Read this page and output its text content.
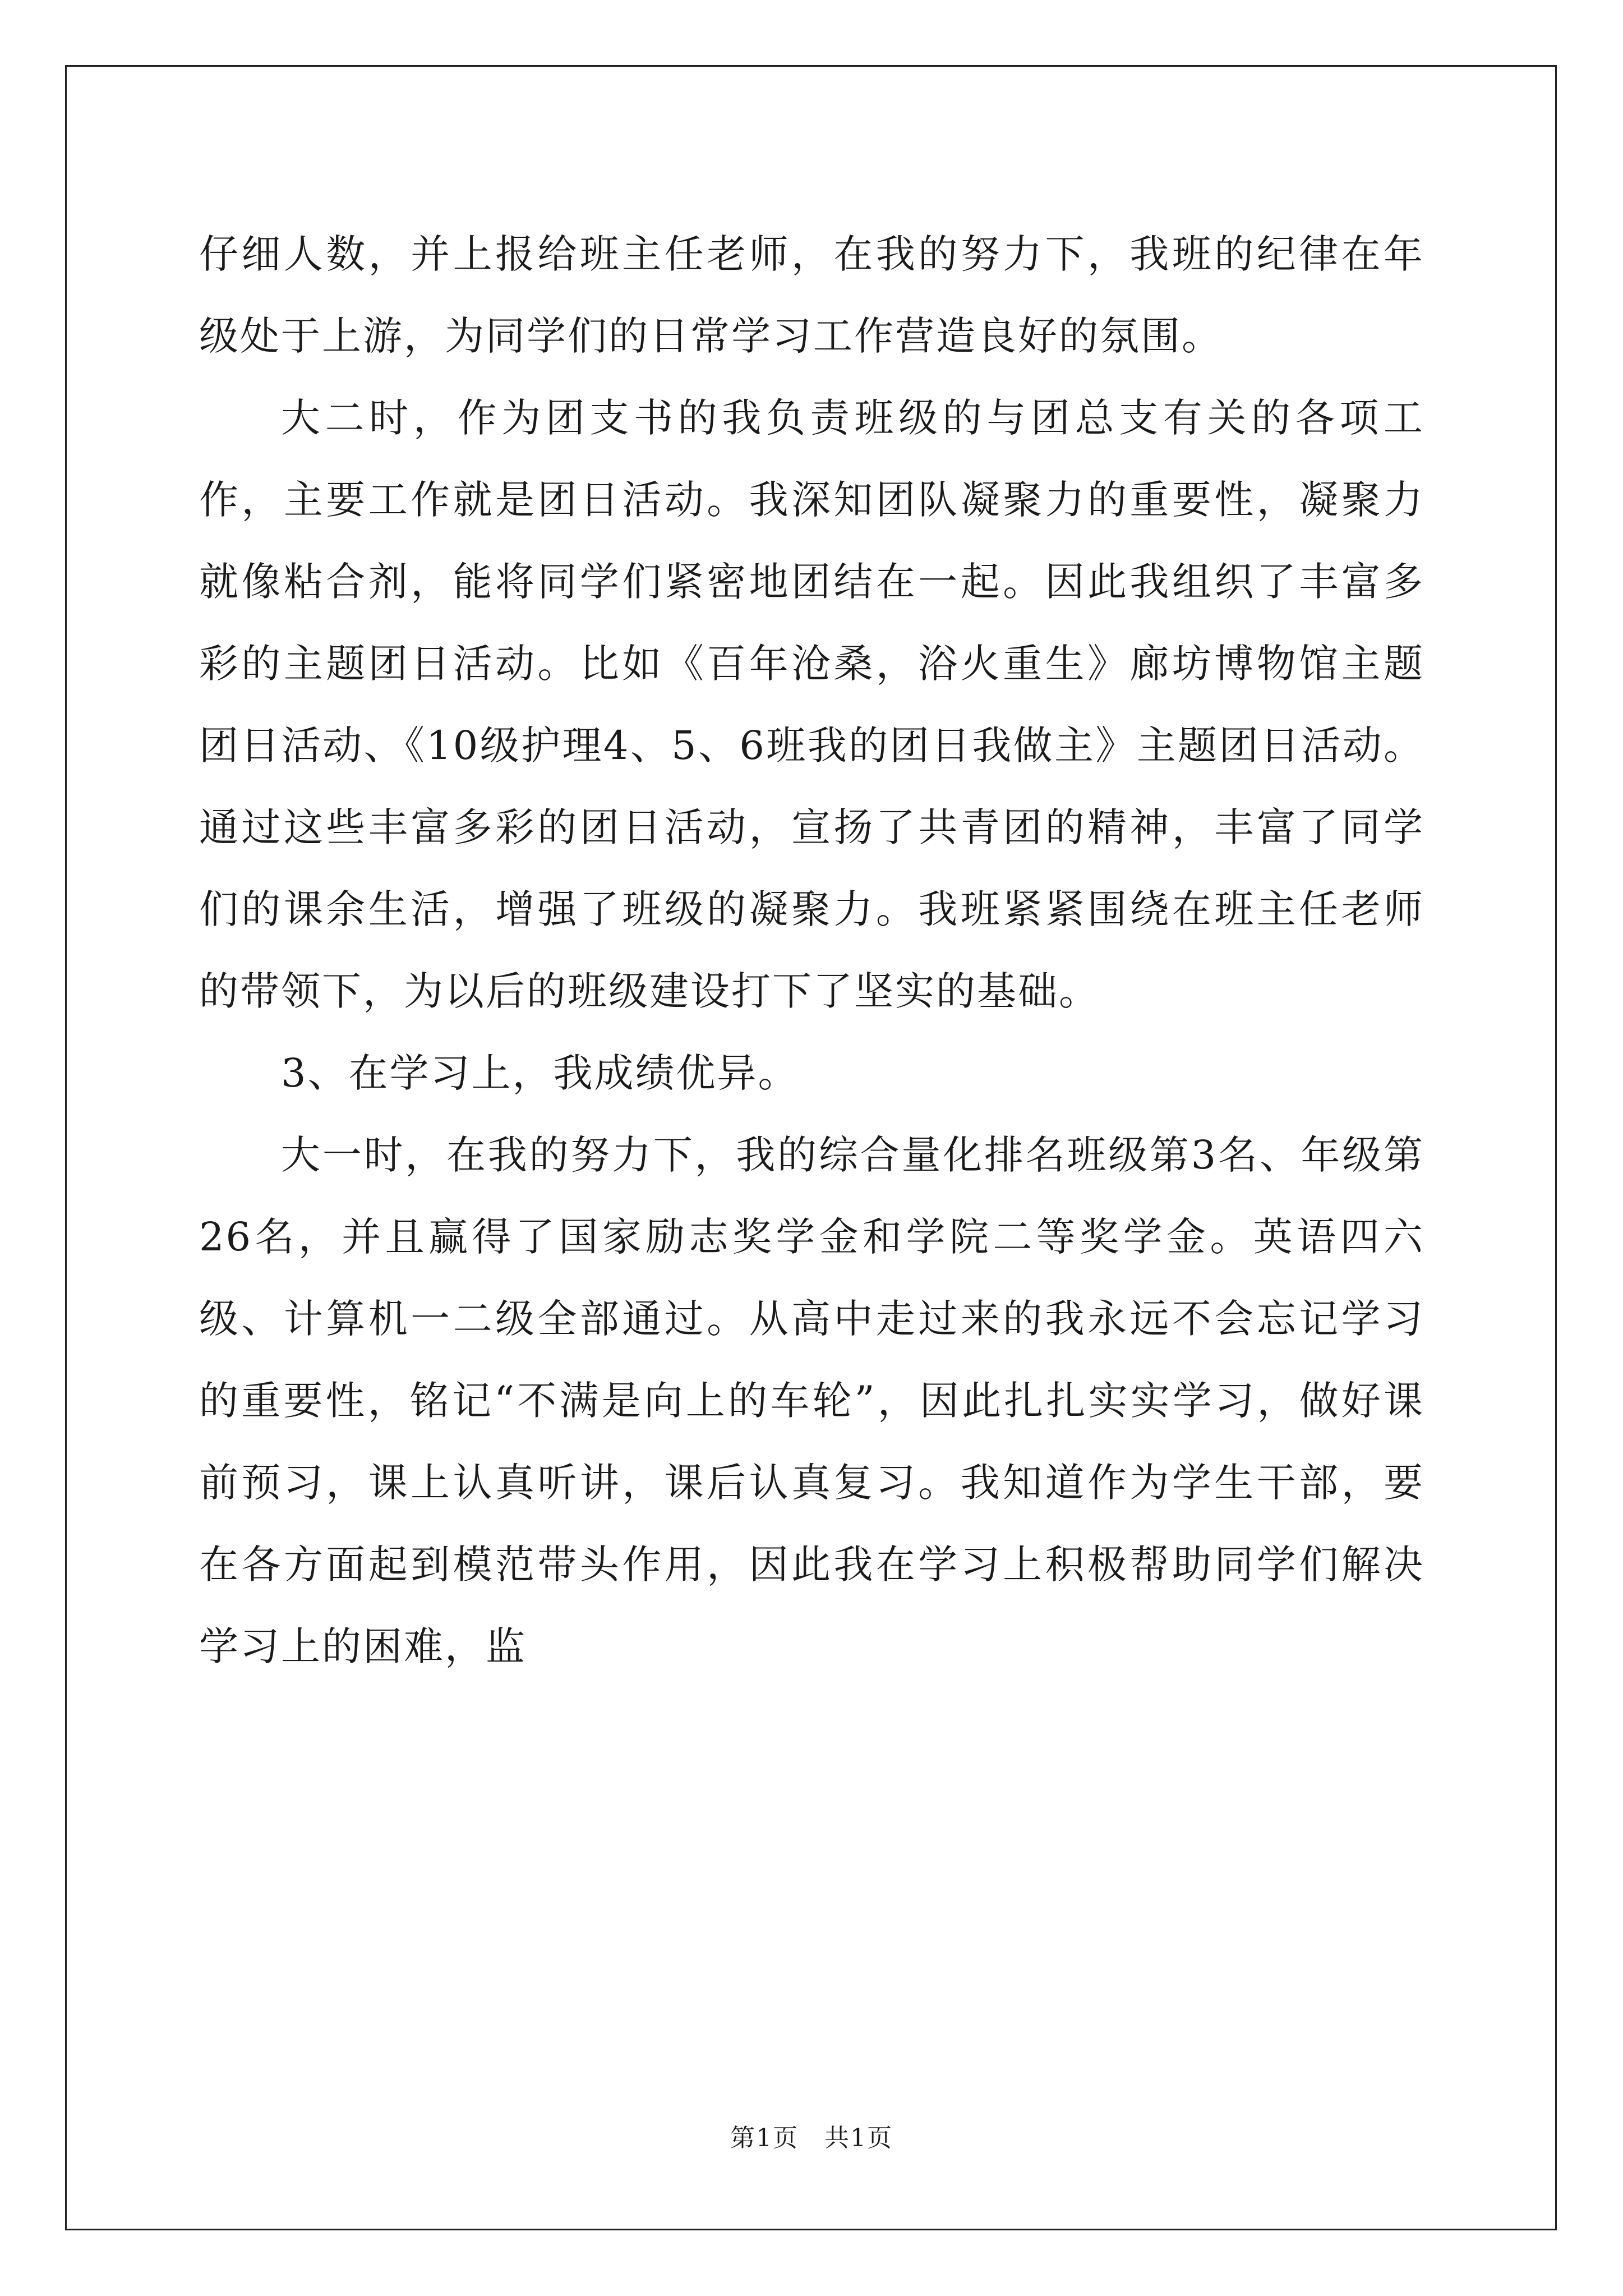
仔细人数，并上报给班主任老师，在我的努力下，我班的纪律在年级处于上游，为同学们的日常学习工作营造良好的氛围。

大二时，作为团支书的我负责班级的与团总支有关的各项工作，主要工作就是团日活动。我深知团队凝聚力的重要性，凝聚力就像粘合剂，能将同学们紧密地团结在一起。因此我组织了丰富多彩的主题团日活动。比如《百年沧桑，浴火重生》廊坊博物馆主题团日活动、《10级护理4、5、6班我的团日我做主》主题团日活动。通过这些丰富多彩的团日活动，宣扬了共青团的精神，丰富了同学们的课余生活，增强了班级的凝聚力。我班紧紧围绕在班主任老师的带领下，为以后的班级建设打下了坚实的基础。

3、在学习上，我成绩优异。

大一时，在我的努力下，我的综合量化排名班级第3名、年级第26名，并且赢得了国家励志奖学金和学院二等奖学金。英语四六级、计算机一二级全部通过。从高中走过来的我永远不会忘记学习的重要性，铭记“不满是向上的车轮”，因此扎扎实实学习，做好课前预习，课上认真听讲，课后认真复习。我知道作为学生干部，要在各方面起到模范带头作用，因此我在学习上积极帮助同学们解决学习上的困难，监

第1页　共1页
